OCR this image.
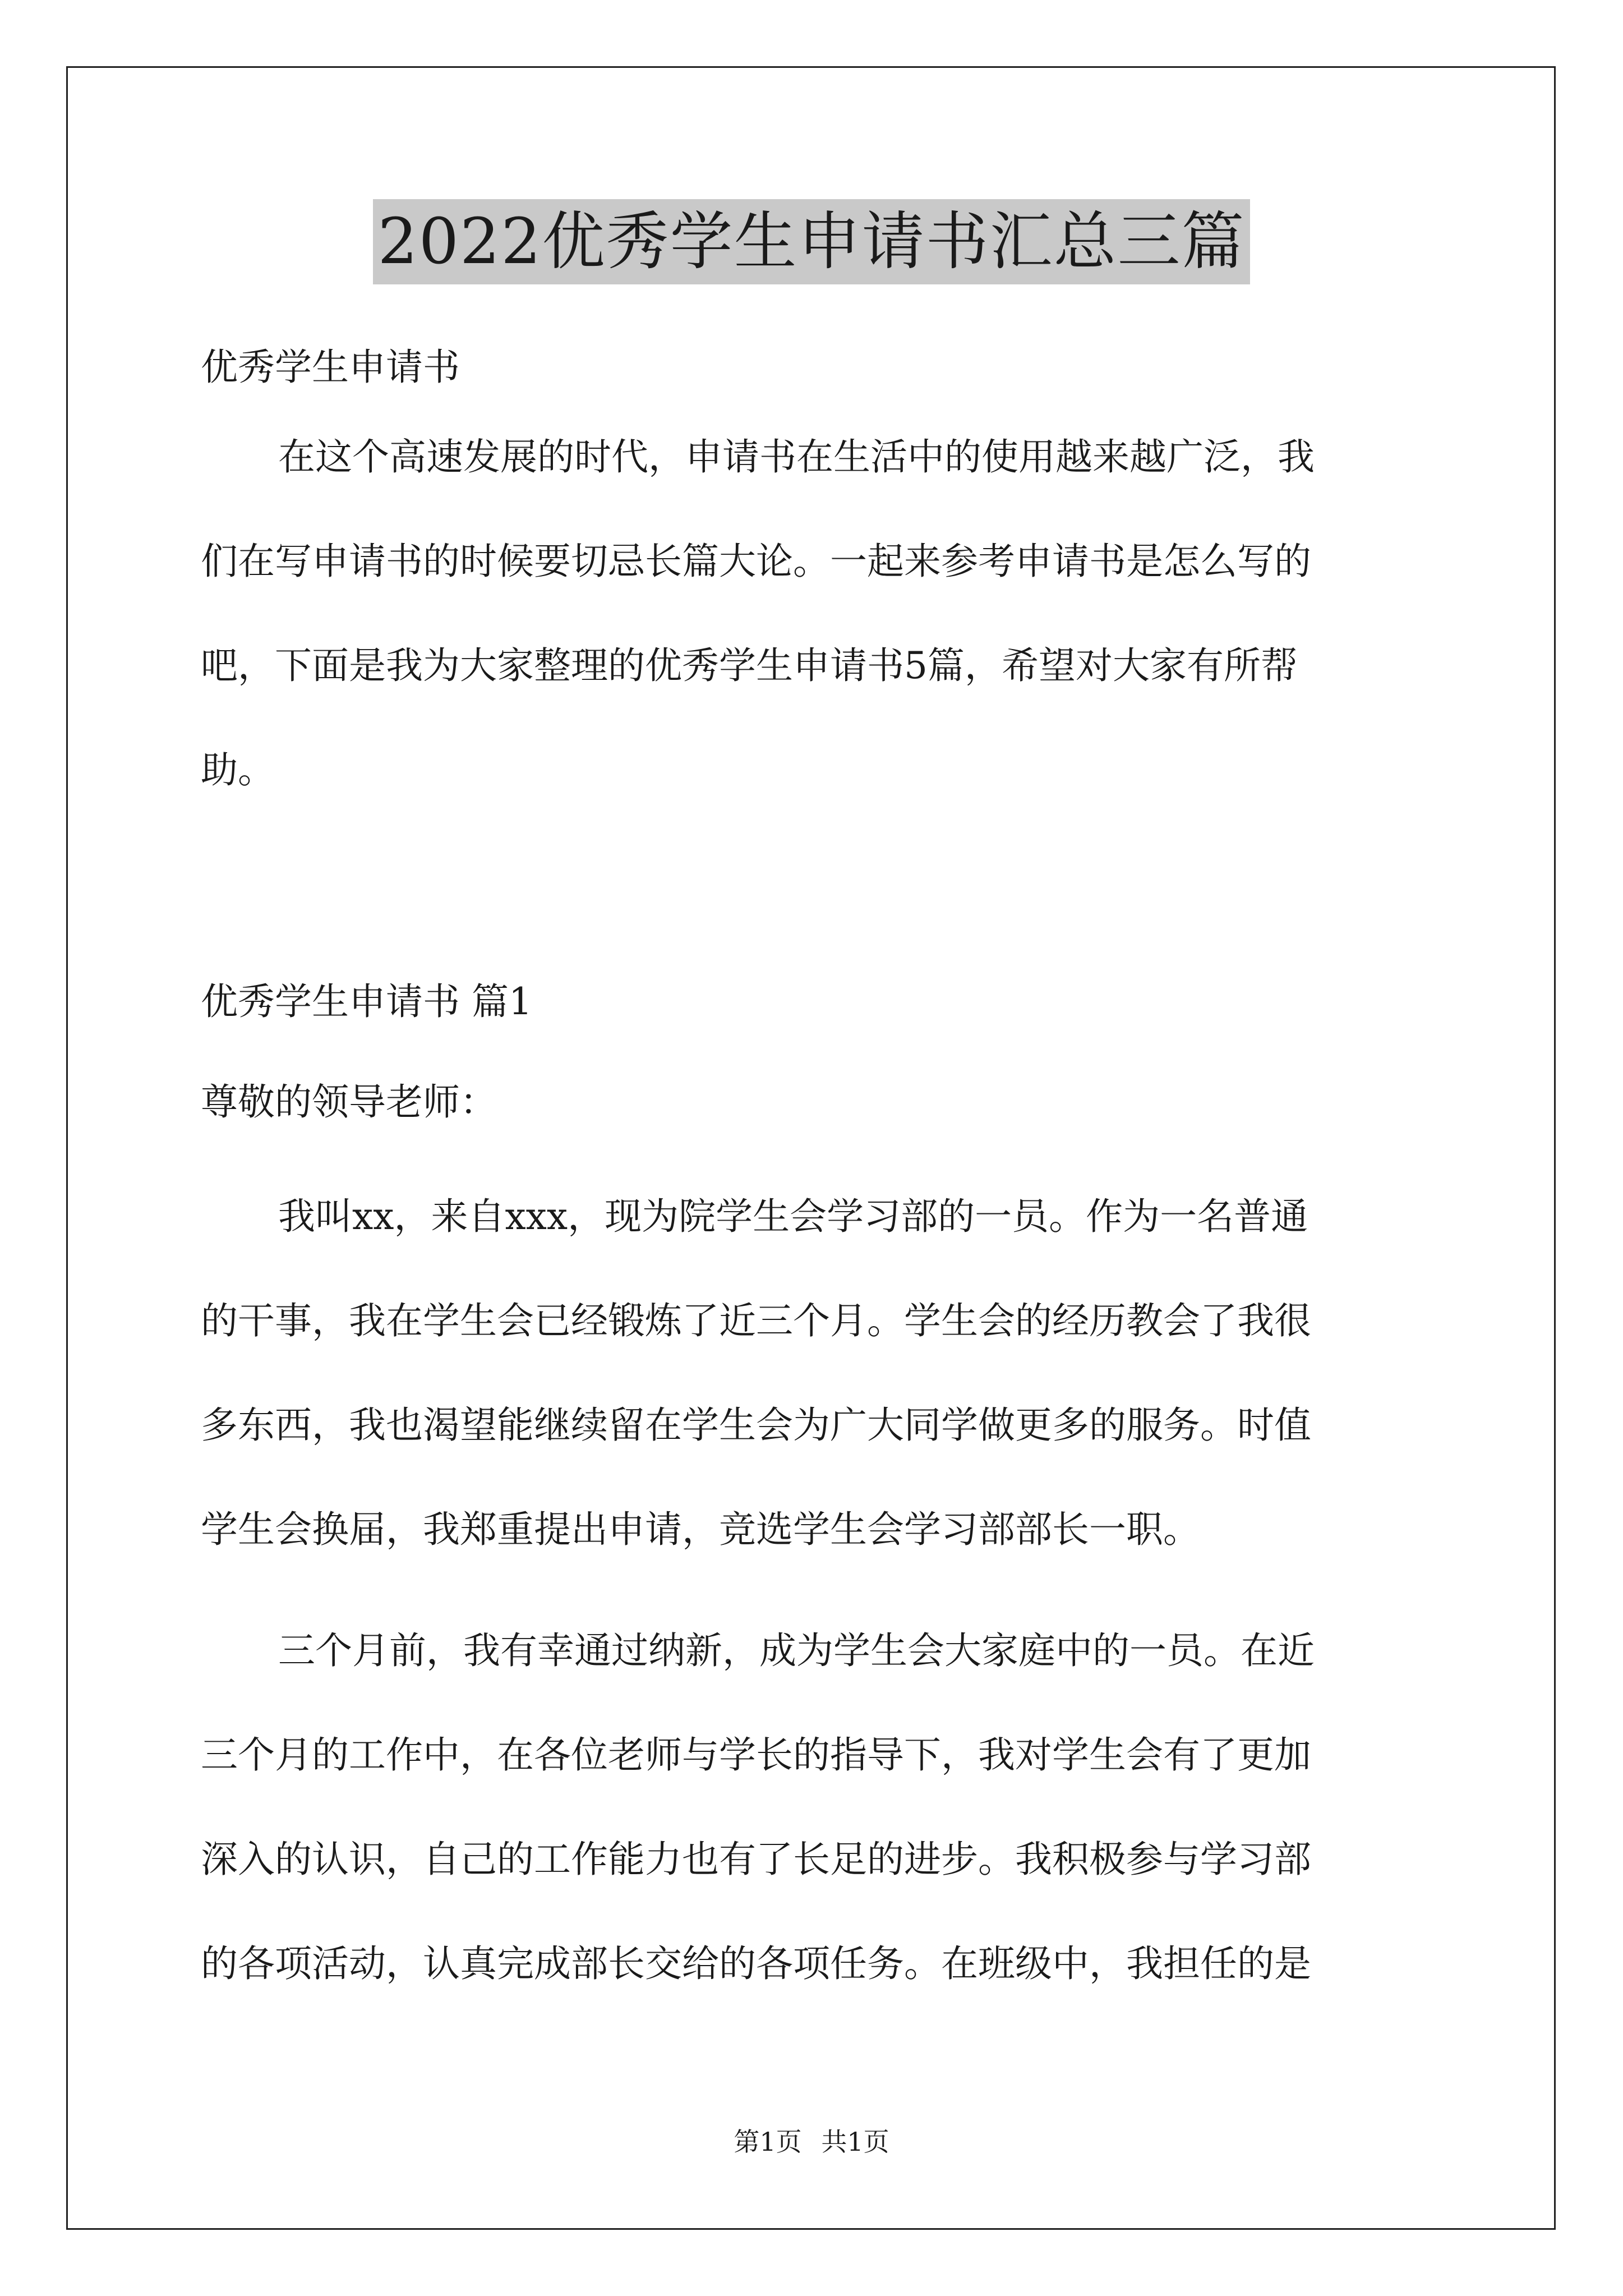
2022优秀学生申请书汇总三篇
优秀学生申请书
在这个高速发展的时代，申请书在生活中的使用越来越广泛，我
们在写申请书的时候要切忌长篇大论。一起来参考申请书是怎么写的
吧，下面是我为大家整理的优秀学生申请书5篇，希望对大家有所帮
助。
优秀学生申请书 篇1
尊敬的领导老师：
我叫xx，来自xxx，现为院学生会学习部的一员。作为一名普通
的干事，我在学生会已经锻炼了近三个月。学生会的经历教会了我很
多东西，我也渴望能继续留在学生会为广大同学做更多的服务。时值
学生会换届，我郑重提出申请，竞选学生会学习部部长一职。
三个月前，我有幸通过纳新，成为学生会大家庭中的一员。在近
三个月的工作中，在各位老师与学长的指导下，我对学生会有了更加
深入的认识，自己的工作能力也有了长足的进步。我积极参与学习部
的各项活动，认真完成部长交给的各项任务。在班级中，我担任的是
第1页 共1页
